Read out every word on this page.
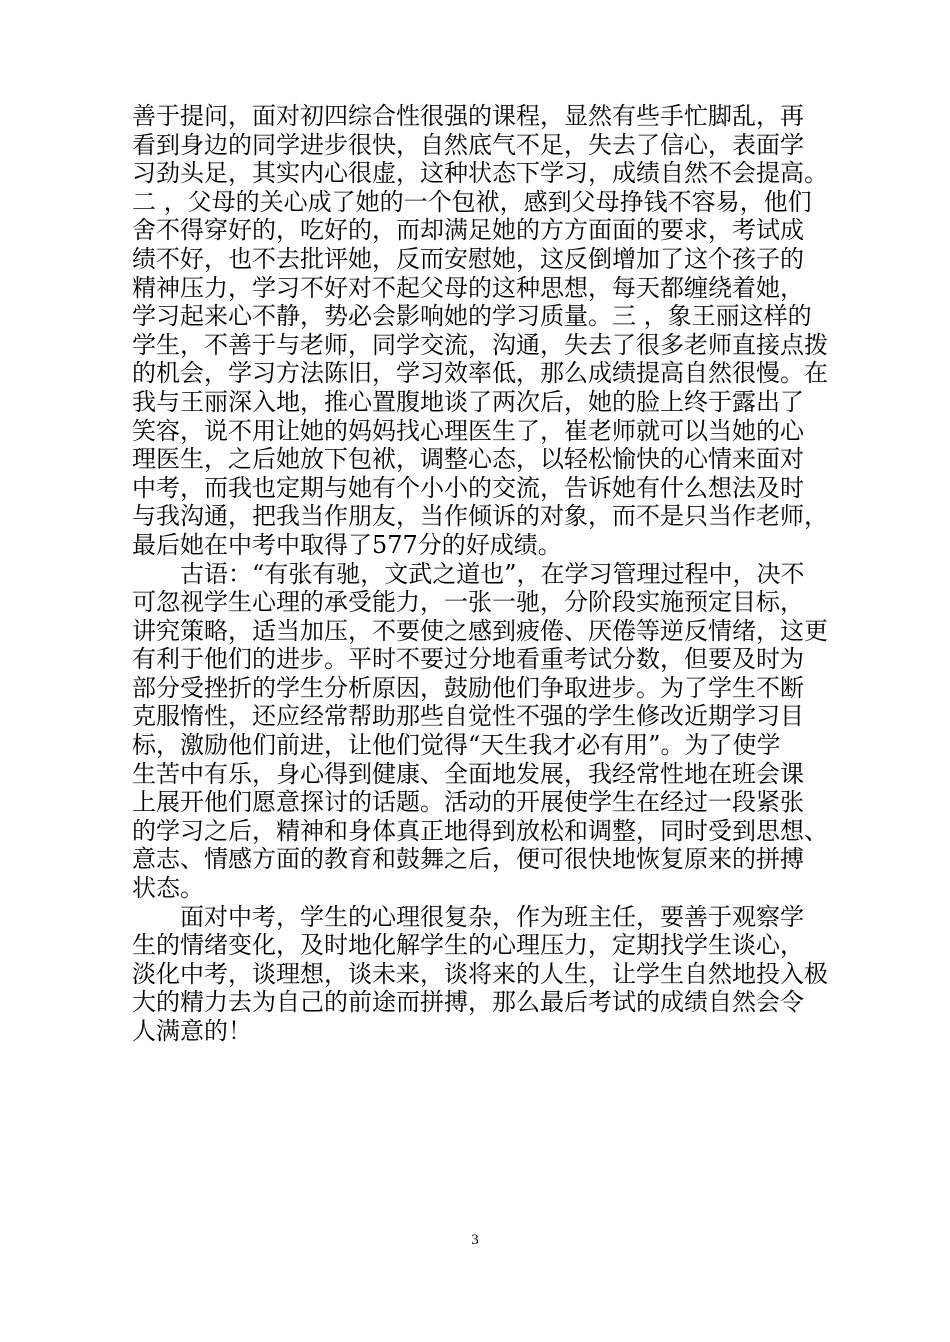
善于提问，面对初四综合性很强的课程，显然有些手忙脚乱，再
看到身边的同学进步很快，自然底气不足，失去了信心，表面学
习劲头足，其实内心很虚，这种状态下学习，成绩自然不会提高。
二 ，父母的关心成了她的一个包袱，感到父母挣钱不容易，他们
舍不得穿好的，吃好的，而却满足她的方方面面的要求，考试成
绩不好，也不去批评她，反而安慰她，这反倒增加了这个孩子的
精神压力，学习不好对不起父母的这种思想，每天都缠绕着她，
学习起来心不静，势必会影响她的学习质量。三 ，象王丽这样的
学生，不善于与老师，同学交流，沟通，失去了很多老师直接点拨
的机会，学习方法陈旧，学习效率低，那么成绩提高自然很慢。在
我与王丽深入地，推心置腹地谈了两次后，她的脸上终于露出了
笑容，说不用让她的妈妈找心理医生了，崔老师就可以当她的心
理医生，之后她放下包袱，调整心态，以轻松愉快的心情来面对
中考，而我也定期与她有个小小的交流，告诉她有什么想法及时
与我沟通，把我当作朋友，当作倾诉的对象，而不是只当作老师，
最后她在中考中取得了577分的好成绩。
　　古语：“有张有驰，文武之道也”，在学习管理过程中，决不
可忽视学生心理的承受能力，一张一驰，分阶段实施预定目标，
讲究策略，适当加压，不要使之感到疲倦、厌倦等逆反情绪，这更
有利于他们的进步。平时不要过分地看重考试分数，但要及时为
部分受挫折的学生分析原因，鼓励他们争取进步。为了学生不断
克服惰性，还应经常帮助那些自觉性不强的学生修改近期学习目
标，激励他们前进，让他们觉得“天生我才必有用”。为了使学
生苦中有乐，身心得到健康、全面地发展，我经常性地在班会课
上展开他们愿意探讨的话题。活动的开展使学生在经过一段紧张
的学习之后，精神和身体真正地得到放松和调整，同时受到思想、
意志、情感方面的教育和鼓舞之后，便可很快地恢复原来的拼搏
状态。
　　面对中考，学生的心理很复杂，作为班主任，要善于观察学
生的情绪变化，及时地化解学生的心理压力，定期找学生谈心，
淡化中考，谈理想，谈未来，谈将来的人生，让学生自然地投入极
大的精力去为自己的前途而拼搏，那么最后考试的成绩自然会令
人满意的！
3
